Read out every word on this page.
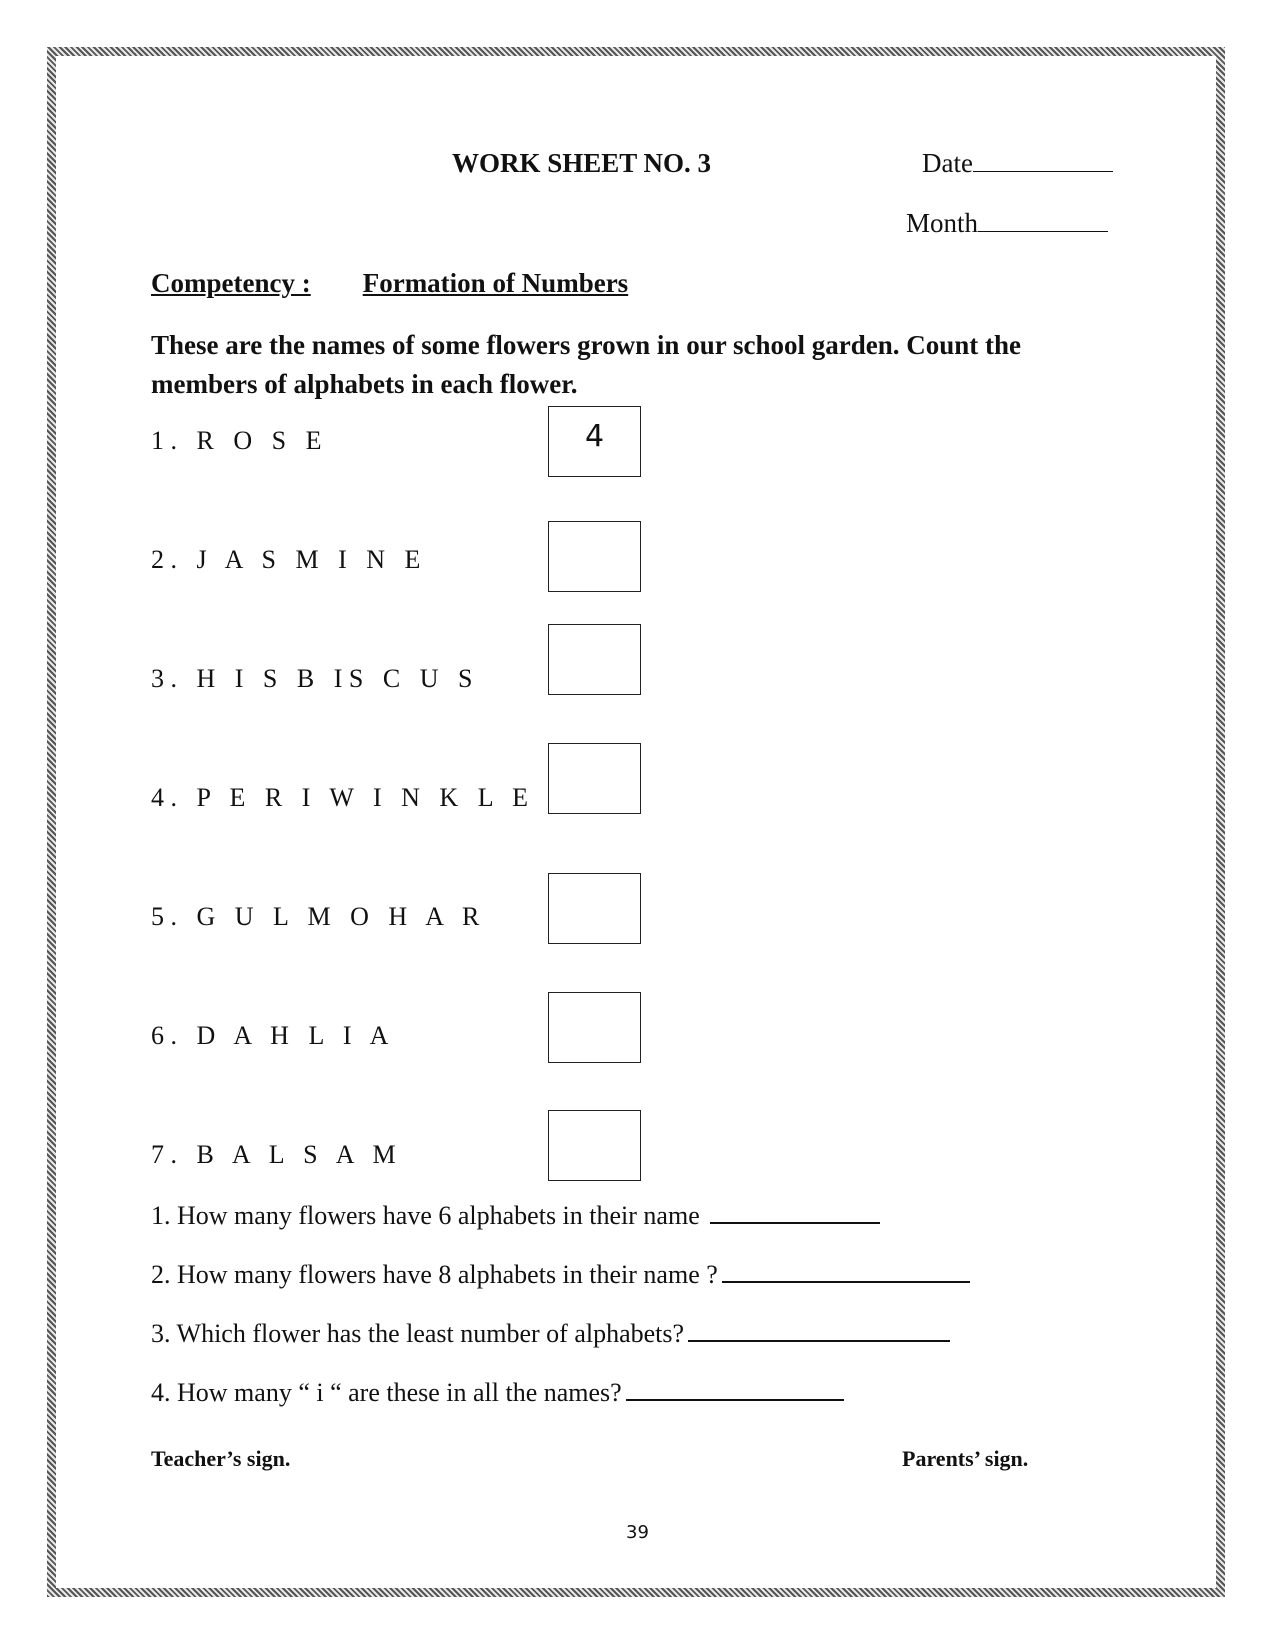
WORK SHEET NO. 3	Date
Month
Competency : Formation of Numbers
These are the names of some flowers grown in our school garden. Count the members of alphabets in each flower.
1. R O S E	4
2. J A S M I N E
3. H I S B IS C U S
4. P E R I W I N K L E
5. G U L M O H A R
6. D A H L I A
7. B A L S A M
1. How many flowers have 6 alphabets in their name
2. How many flowers have 8 alphabets in their name ?
3. Which flower has the least number of alphabets?
4. How many “ i “ are these in all the names?
Teacher’s sign.	Parents’ sign.
39
